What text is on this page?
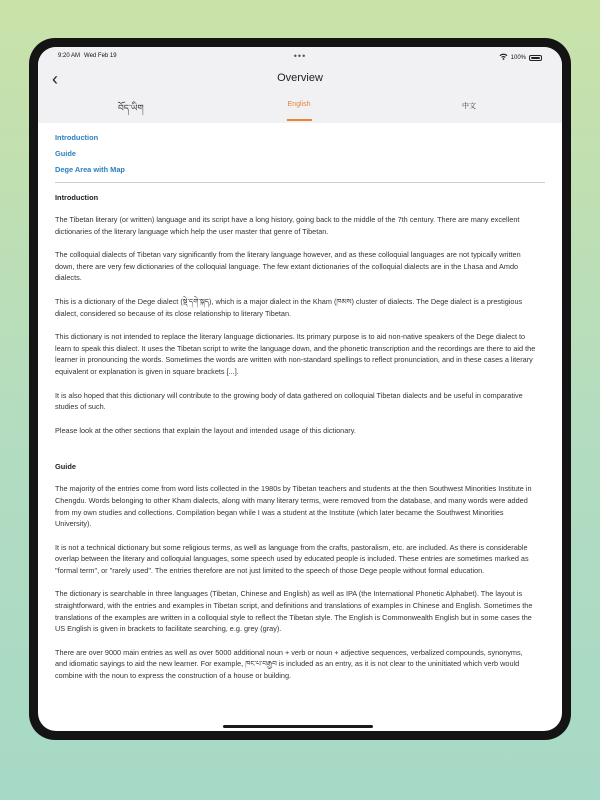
9:20 AM Wed Feb 19	•••	100%
‹	Overview
བོད་ཡིག	English	中文
Introduction
Guide
Dege Area with Map
Introduction

The Tibetan literary (or written) language and its script have a long history, going back to the middle of the 7th century. There are many excellent dictionaries of the literary language which help the user master that genre of Tibetan.

The colloquial dialects of Tibetan vary significantly from the literary language however, and as these colloquial languages are not typically written down, there are very few dictionaries of the colloquial language. The few extant dictionaries of the colloquial dialects are in the Lhasa and Amdo dialects.

This is a dictionary of the Dege dialect (སྡེ་དགེ་སྐད), which is a major dialect in the Kham (ཁམས) cluster of dialects. The Dege dialect is a prestigious dialect, considered so because of its close relationship to literary Tibetan.

This dictionary is not intended to replace the literary language dictionaries. Its primary purpose is to aid non-native speakers of the Dege dialect to learn to speak this dialect. It uses the Tibetan script to write the language down, and the phonetic transcription and the recordings are there to aid the learner in pronouncing the words. Sometimes the words are written with non-standard spellings to reflect pronunciation, and in these cases a literary equivalent or explanation is given in square brackets [...].

It is also hoped that this dictionary will contribute to the growing body of data gathered on colloquial Tibetan dialects and be useful in comparative studies of such.

Please look at the other sections that explain the layout and intended usage of this dictionary.

Guide

The majority of the entries come from word lists collected in the 1980s by Tibetan teachers and students at the then Southwest Minorities Institute in Chengdu. Words belonging to other Kham dialects, along with many literary terms, were removed from the database, and many words were added from my own studies and collections. Compilation began while I was a student at the Institute (which later became the Southwest Minorities University).

It is not a technical dictionary but some religious terms, as well as language from the crafts, pastoralism, etc. are included. As there is considerable overlap between the literary and colloquial languages, some speech used by educated people is included. These entries are sometimes marked as "formal term", or "rarely used". The entries therefore are not just limited to the speech of those Dege people without formal education.

The dictionary is searchable in three languages (Tibetan, Chinese and English) as well as IPA (the International Phonetic Alphabet). The layout is straightforward, with the entries and examples in Tibetan script, and definitions and translations of examples in Chinese and English. Sometimes the translations of the examples are written in a colloquial style to reflect the Tibetan style. The English is Commonwealth English but in some cases the US English is given in brackets to facilitate searching, e.g. grey (gray).

There are over 9000 main entries as well as over 5000 additional noun + verb or noun + adjective sequences, verbalized compounds, synonyms, and idiomatic sayings to aid the new learner. For example, ཁང་པ་བརྒྱབ is included as an entry, as it is not clear to the uninitiated which verb would combine with the noun to express the construction of a house or building.
